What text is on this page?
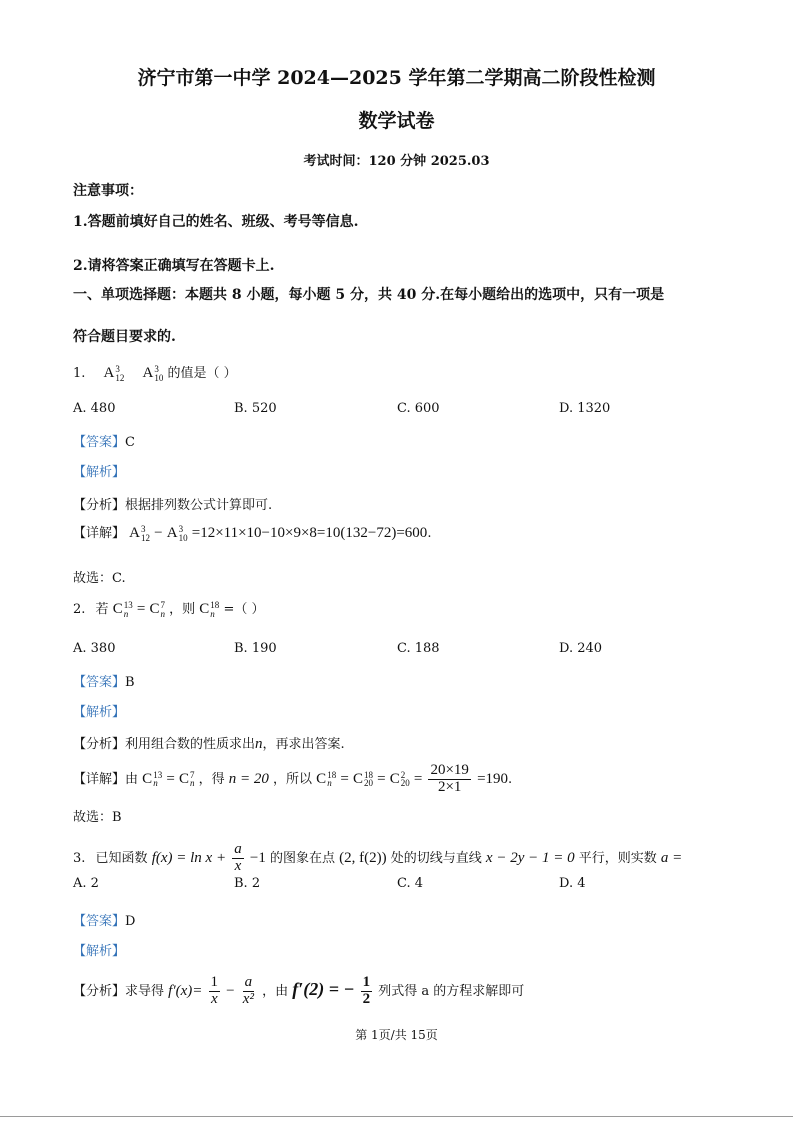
济宁市第一中学 2024—2025 学年第二学期高二阶段性检测
数学试卷
考试时间：120 分钟 2025.03
注意事项：
1.答题前填好自己的姓名、班级、考号等信息.
2.请将答案正确填写在答题卡上.
一、单项选择题：本题共 8 小题，每小题 5 分，共 40 分.在每小题给出的选项中，只有一项是
符合题目要求的.
1. A 3
12
A 3
10 的值是（ ）
A. 480	B. 520	C. 600	D. 1320
【答案】C
【解析】
【分析】根据排列数公式计算即可.
【详解】 A 3
12 − A 3
10 =12×11×10−10×9×8=10(132−72)=600.
故选：C.
2. 若 C 13
n = C 7
n ，则 C 18
n =（ ）
A. 380	B. 190	C. 188	D. 240
【答案】B
【解析】
【分析】利用组合数的性质求出n，再求出答案.
【详解】由 C 13
n = C 7
n ，得 n = 20 ，所以 C 18
n = C 18
20 = C 2
$20 = \frac{20\times 19}{2\times 1} =190$.
故选：B
3. 已知函数 $f(x) = \ln x + \frac{a}{x} -1$ 的图象在点 (2, f(2)) 处的切线与直线 x − 2y − 1 = 0 平行，则实数 a =
A. 2	B. 2	C. 4	D. 4
【答案】D
【解析】
【分析】求导得 $f'(x)= \frac{1}{x} - \frac{a}{\text{x²}}$ ，由 f′(2) = − $\frac{1}{2}$ 列式得 a 的方程求解即可
第 1页/共 15页
